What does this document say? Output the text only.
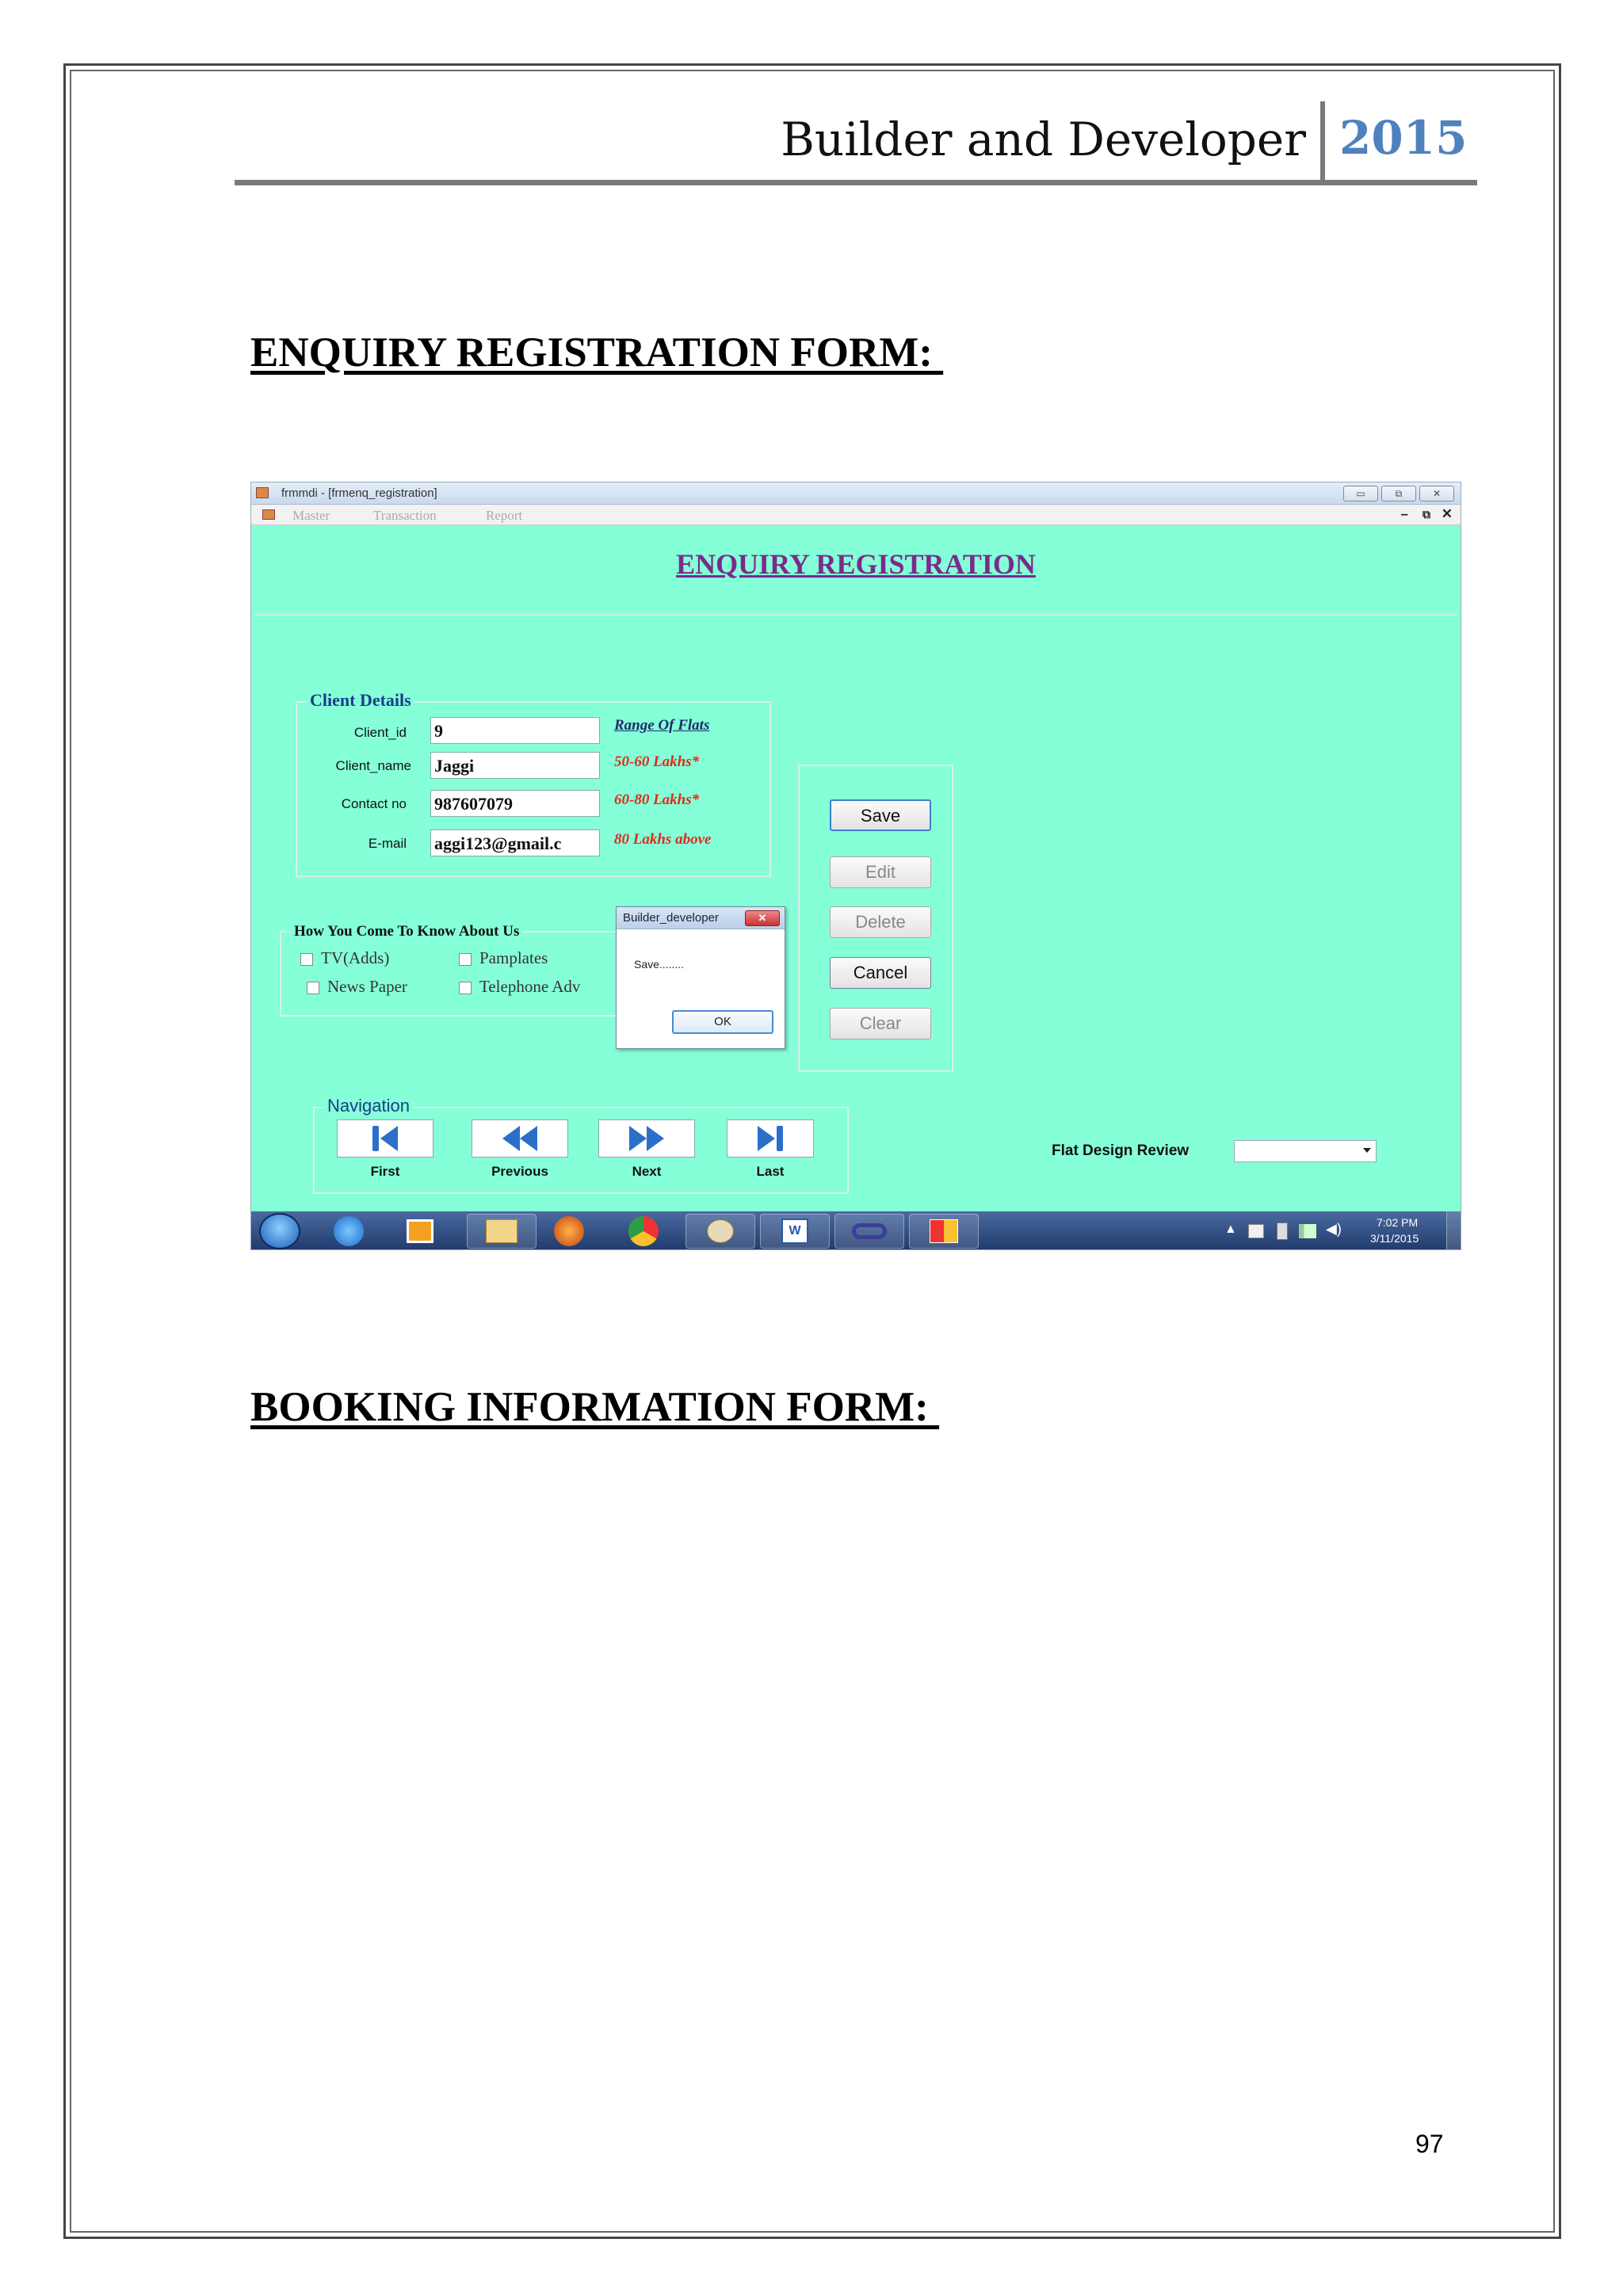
Builder and Developer 2015
ENQUIRY REGISTRATION FORM:
frmmdi - [frmenq_registration]	▭	⧉	✕
Master	Transaction	Report	– ⧉ ✕
ENQUIRY REGISTRATION
Client Details
Client_id 9
Client_name Jaggi
Contact no 987607079
E-mail aggi123@gmail.c
Range Of Flats
50-60 Lakhs*
60-80 Lakhs*
80 Lakhs above
How You Come To Know About Us
TV(Adds)	Pamplates
News Paper	Telephone Adv
Save
Edit
Delete
Cancel
Clear
Builder_developer	✕
Save........
OK
Navigation
First	Previous	Next	Last
Flat Design Review
W	▲	◀)	7:02 PM
3/11/2015
BOOKING INFORMATION FORM:
97
